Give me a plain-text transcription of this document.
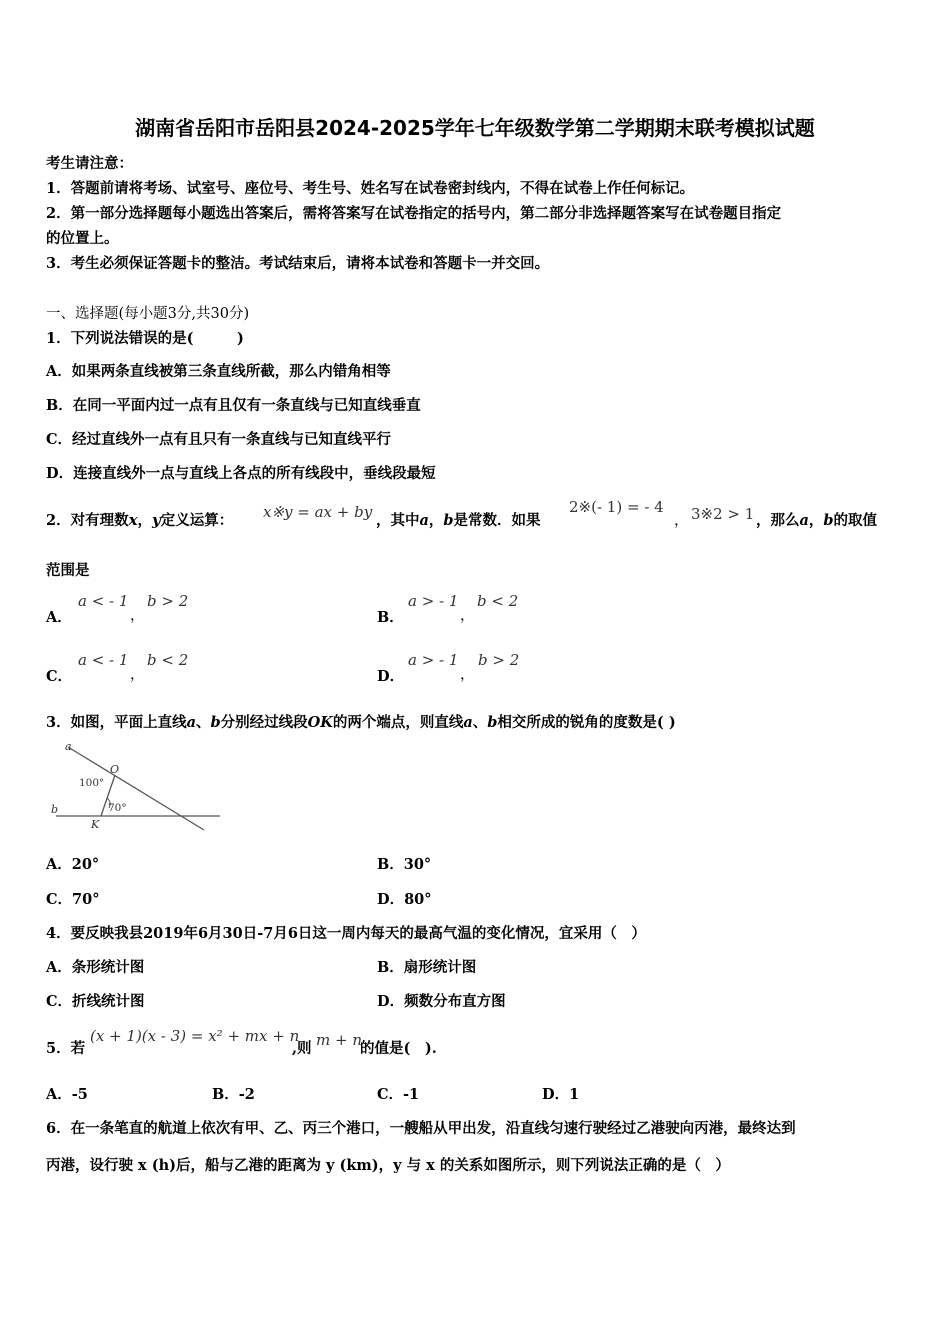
湖南省岳阳市岳阳县2024-2025学年七年级数学第二学期期末联考模拟试题
考生请注意：
1．答题前请将考场、试室号、座位号、考生号、姓名写在试卷密封线内，不得在试卷上作任何标记。
2．第一部分选择题每小题选出答案后，需将答案写在试卷指定的括号内，第二部分非选择题答案写在试卷题目指定
的位置上。
3．考生必须保证答题卡的整洁。考试结束后，请将本试卷和答题卡一并交回。
一、选择题(每小题3分,共30分)
1．下列说法错误的是(　　　)
A．如果两条直线被第三条直线所截，那么内错角相等
B．在同一平面内过一点有且仅有一条直线与已知直线垂直
C．经过直线外一点有且只有一条直线与已知直线平行
D．连接直线外一点与直线上各点的所有线段中，垂线段最短
2．对有理数x，y定义运算： x※y = ax + by ，其中a，b是常数．如果
2※(- 1) = - 4
， 3※2 > 1 ，那么a，b的取值
范围是
A．
a < - 1
，
b > 2
B．
a > - 1
，
b < 2
C．
a < - 1
，
b < 2
D．
a > - 1
，
b > 2
3．如图，平面上直线a、b分别经过线段OK的两个端点，则直线a、b相交所成的锐角的度数是( )
a
b
O
K
100°
70°
A．20°	B．30°
C．70°	D．80°
4．要反映我县2019年6月30日-7月6日这一周内每天的最高气温的变化情况，宜采用（　）
A．条形统计图	B．扇形统计图
C．折线统计图	D．频数分布直方图
5．若
(x + 1)(x - 3) = x² + mx + n
,则 m + n
的值是(　).
A．-5	B．-2	C．-1	D．1
6．在一条笔直的航道上依次有甲、乙、丙三个港口，一艘船从甲出发，沿直线匀速行驶经过乙港驶向丙港，最终达到
丙港，设行驶 x (h)后，船与乙港的距离为 y (km)，y 与 x 的关系如图所示，则下列说法正确的是（　）
